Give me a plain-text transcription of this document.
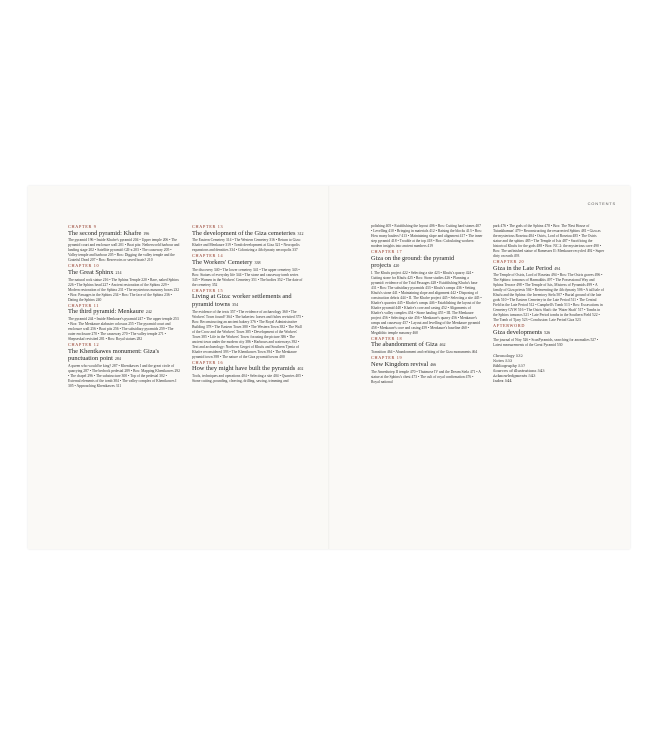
CONTENTS
CHAPTER 9
The second pyramid: Khafre 196
The pyramid 196 • Inside Khafre's pyramid 204 • Upper temple 206 • The pyramid court and enclosure wall 201 • Boat pits: Netherworld harbour and landing stage 202 • Satellite pyramid: GII-a 203 • The causeway 205 • Valley temple and harbour 205 • Box: Digging the valley temple and the Grateful Dead 207 • Box: Reservoirs or saved boats? 210
CHAPTER 10
The Great Sphinx 214
The natural rock statue 216 • The Sphinx Temple 220 • Rare, naked Sphinx 226 • The Sphinx head 227 • Ancient restoration of the Sphinx 229 • Modern restoration of the Sphinx 231 • The mysterious masonry boxes 232 • Box: Passages in the Sphinx 234 • Box: The face of the Sphinx 236 • Dating the Sphinx 240
CHAPTER 11
The third pyramid: Menkaure 242
The pyramid 244 • Inside Menkaure's pyramid 247 • The upper temple 253 • Box: The Menkaure alabaster colossus 255 • The pyramid court and enclosure wall 256 • Boat pits 256 • The subsidiary pyramids 259 • The outer enclosure 270 • The causeway 270 • The valley temple 271 • Shepseskaf revisited 281 • Box: Royal statues 282
CHAPTER 12
The Khentkawes monument: Giza's punctuation point 284
A queen who would be king? 287 • Khentkawes I and the great circle of quarrying 287 • The bedrock pedestal 289 • Box: Mapping Khentkawes 292 • The chapel 296 • The substructure 300 • Top of the pedestal 302 • External elements of the tomb 304 • The valley complex of Khentkawes I 305 • Approaching Khentkawes 311
CHAPTER 13
The development of the Giza cemeteries 312
The Eastern Cemetery 314 • The Western Cemetery 316 • Return to Giza: Khafre and Menkaure 319 • Tomb development at Giza 321 • Necropolis expansions and densities 334 • Colonizing a 4th dynasty necropolis 337
CHAPTER 14
The Workers' Cemetery 338
The discovery 340 • The lower cemetery 341 • The upper cemetery 343 • Box: Statues of everyday life 344 • The stone and causeway tomb series 345 • Women in the Workers' Cemetery 351 • The bodies 352 • The date of the cemetery 352
CHAPTER 15
Living at Giza: worker settlements and pyramid towns 354
The evidence of the texts 357 • The evidence of archaeology 360 • The Workers' Town found? 364 • The bakeries: loaves and fishes revisited 375 • Box: Reconstructing an ancient bakery 376 • The Royal Administrative Building 378 • The Eastern Town 380 • The Western Town 382 • The Wall of the Crow and the Workers' Town 385 • Development of the Workers' Town 385 • Life in the Workers' Town: focusing the picture 386 • The ancient town under the modern city 386 • Harbours and waterways 392 • Text and archaeology: Northern Gerget of Khufu and Southern Tjenia of Khafre reconsidered 393 • The Khentkawes Town 394 • The Menkaure pyramid town 398 • The nature of the Giza pyramid towns 400
CHAPTER 16
How they might have built the pyramids 402
Tools, techniques and operations 404 • Selecting a site 404 • Quarries 405 • Stone cutting, pounding, cleaving, drilling, sawing, trimming and
polishing 405 • Establishing the layout 406 • Box: Cutting hard stones 407 • Levelling 410 • Bringing in materials 412 • Raising the blocks 413 • Box: How many haulers? 413 • Maintaining slope and alignment 417 • The inner step pyramid 418 • Trouble at the top 418 • Box: Calculating workers: modern insights into ancient numbers 419
CHAPTER 17
Giza on the ground: the pyramid projects 420
I. The Khufu project 422 • Selecting a site 423 • Khufu's quarry 424 • Cutting stone for Khufu 425 • Box: Stone studies 426 • Planning a pyramid: evidence of the Trial Passages 428 • Establishing Khufu's base 431 • Box: The subsidiary pyramids 433 • Khufu's ramps 436 • Setting Khufu's stone 441 • Maintaining slope and alignment 442 • Disposing of construction debris 444 • II. The Khafre project 445 • Selecting a site 445 • Khafre's quarries 445 • Khafre's ramps 446 • Establishing the layout of the Khafre pyramid 448 • Khafre's core and casing 452 • Alignments of Khafre's valley complex 454 • Stone hauling 455 • III. The Menkaure project 456 • Selecting a site 456 • Menkaure's quarry 456 • Menkaure's ramps and causeway 457 • Layout and levelling of the Menkaure pyramid 458 • Menkaure's core and casing 459 • Menkaure's baseline 460 • Megalithic temple masonry 460
CHAPTER 18
The abandonment of Giza 462
Transition 464 • Abandonment and refitting of the Giza monuments 464
CHAPTER 19
New Kingdom revival 466
The Amenhotep II temple 470 • Thutmose IV and the Dream Stela 471 • A statue at the Sphinx's chest 473 • The cult of royal confirmation 476 • Royal national
park 476 • The gods of the Sphinx 478 • Box: The 'Rest House of Tutankhamun' 479 • Reconstructing the resurrected Sphinx 481 • Giza as the mysterious Rosetau 484 • Osiris, Lord of Rosetau 485 • The Osiris statue and the sphinx 485 • The Temple of Isis 487 • Sacrificing the historical Khufu for the gods 488 • Box: NC 2: the mysterious cave 490 • Box: The unfinished statue of Ramesses II: Menkaure recycled 492 • Super dirty on earth 493
CHAPTER 20
Giza in the Late Period 494
The Temple of Osiris, Lord of Rosetau 494 • Box: The Osiris graves 496 • The Sphinx: tomonos of Harmakhis 497 • The Possessional Way and Sphinx Terrace 498 • The Temple of Isis, Mistress of Pyramids 499 • A family of Giza priests 504 • Reinventing the 4th dynasty 506 • A tall tale of Khufu and the Sphinx: the Inventory Stela 507 • Burial ground of the late gods 510 • The Eastern Cemetery in the Late Period 511 • The Central Field in the Late Period 512 • Campbell's Tomb 513 • Box: Excavations in Cemetery GYW 516 • The Osiris Shaft: the 'Water Shaft' 517 • Tombs in the Sphinx tomonos 521 • Late Period tombs in the Southern Field 522 • The Tomb of Tjary 523 • Conclusion: Late Period Giza 523
AFTERWORD
Giza developments 526
The journal of Ntry 526 • ScanPyramids, searching for anomalies 527 • Latest measurements of the Great Pyramid 530
Chronology 532
Notes 533
Bibliography 537
Sources of illustrations 543
Acknowledgments 543
Index 544
